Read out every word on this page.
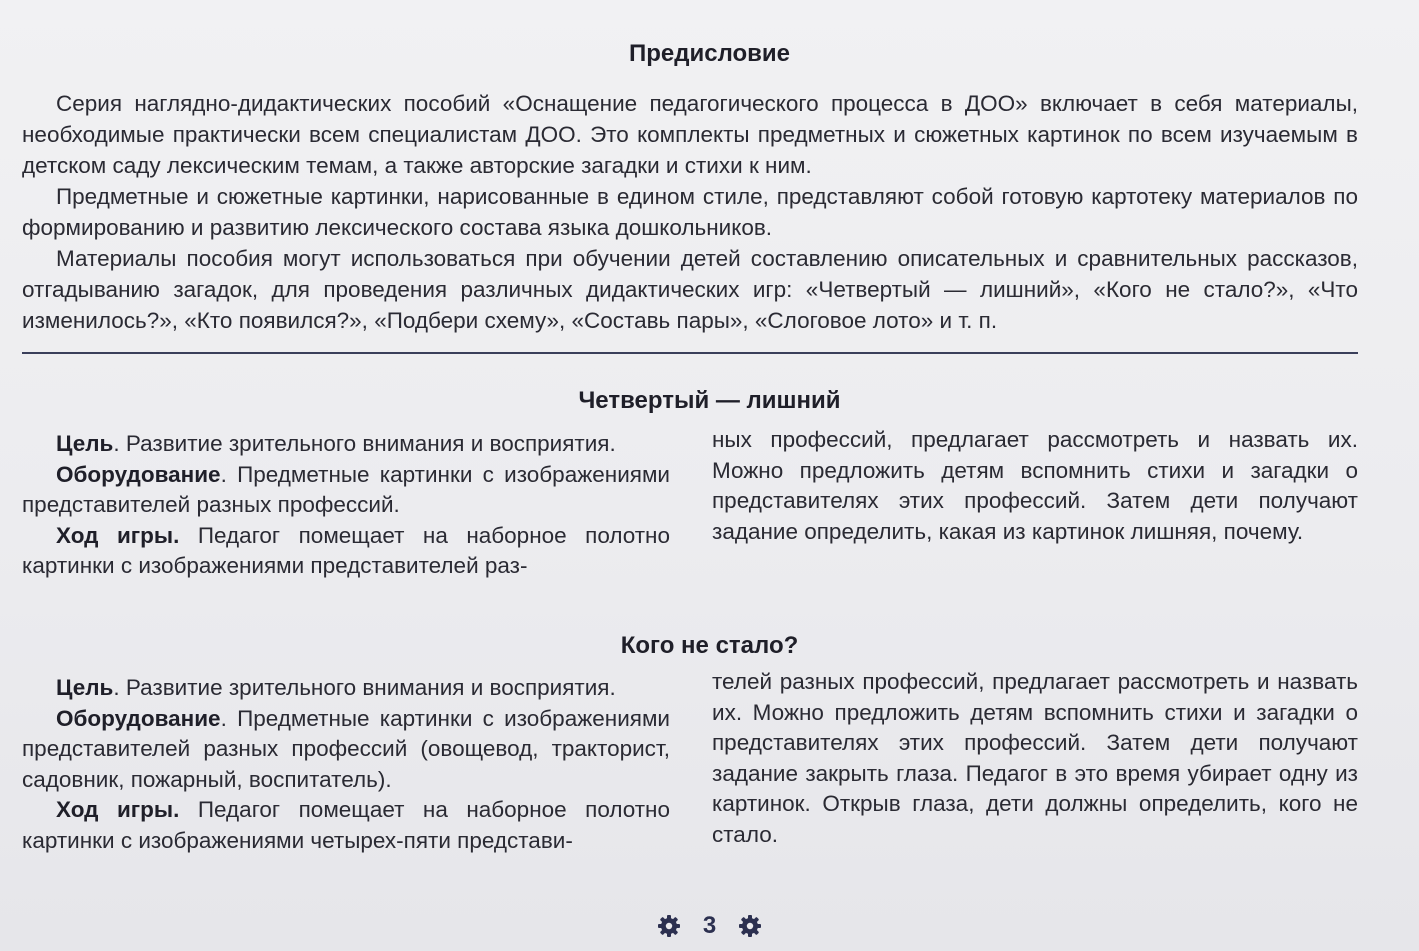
Предисловие

Серия наглядно-дидактических пособий «Оснащение педагогического процесса в ДОО» включает в себя материалы, необходимые практически всем специалистам ДОО. Это комплекты предметных и сюжетных картинок по всем изучаемым в детском саду лексическим темам, а также авторские загадки и стихи к ним.

Предметные и сюжетные картинки, нарисованные в едином стиле, представляют собой готовую картотеку материалов по формированию и развитию лексического состава языка дошкольников.

Материалы пособия могут использоваться при обучении детей составлению описательных и сравнительных рассказов, отгадыванию загадок, для проведения различных дидактических игр: «Четвертый — лишний», «Кого не стало?», «Что изменилось?», «Кто появился?», «Подбери схему», «Составь пары», «Слоговое лото» и т. п.

Четвертый — лишний

Цель. Развитие зрительного внимания и восприятия.

Оборудование. Предметные картинки с изображениями представителей разных профессий.

Ход игры. Педагог помещает на наборное полотно картинки с изображениями представителей раз-

ных профессий, предлагает рассмотреть и назвать их. Можно предложить детям вспомнить стихи и загадки о представителях этих профессий. Затем дети получают задание определить, какая из картинок лишняя, почему.

Кого не стало?

Цель. Развитие зрительного внимания и восприятия.

Оборудование. Предметные картинки с изображениями представителей разных профессий (овощевод, тракторист, садовник, пожарный, воспитатель).

Ход игры. Педагог помещает на наборное полотно картинки с изображениями четырех-пяти представи-

телей разных профессий, предлагает рассмотреть и назвать их. Можно предложить детям вспомнить стихи и загадки о представителях этих профессий. Затем дети получают задание закрыть глаза. Педагог в это время убирает одну из картинок. Открыв глаза, дети должны определить, кого не стало.

3
